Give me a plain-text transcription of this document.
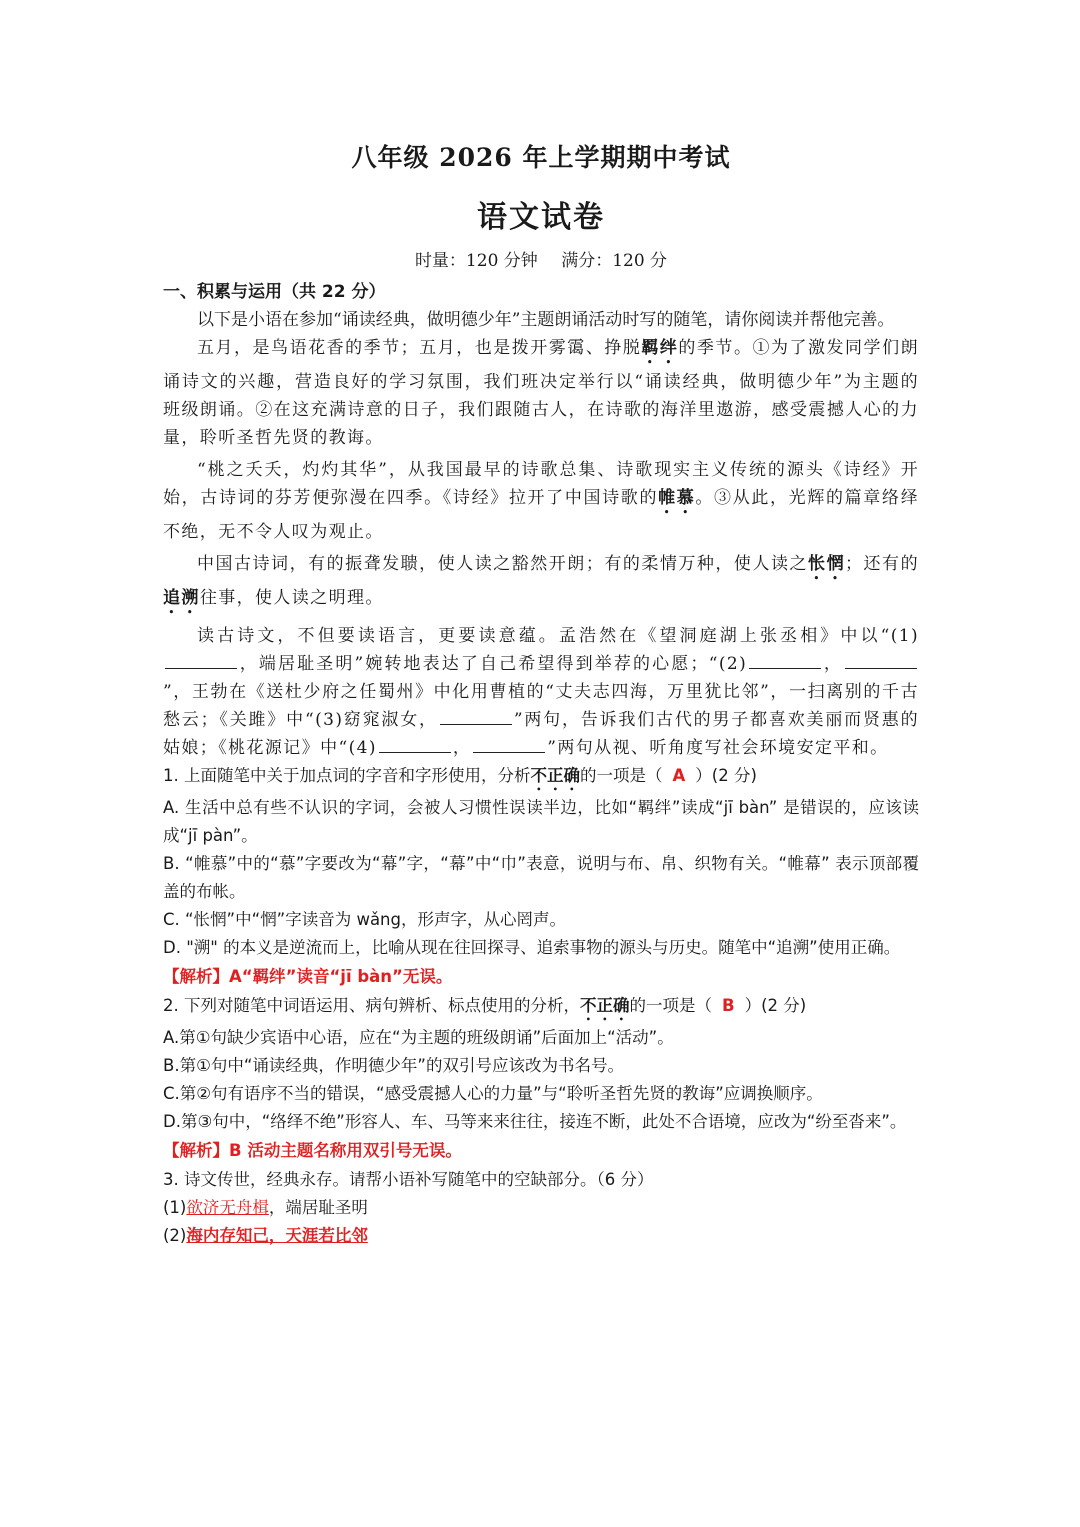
八年级 2026 年上学期期中考试
语文试卷
时量：120 分钟 满分：120 分
一、积累与运用（共 22 分）

以下是小语在参加“诵读经典，做明德少年”主题朗诵活动时写的随笔，请你阅读并帮他完善。

五月，是鸟语花香的季节；五月，也是拨开雾霭、挣脱羁绊的季节。①为了激发同学们朗诵诗文的兴趣，营造良好的学习氛围，我们班决定举行以“诵读经典，做明德少年”为主题的班级朗诵。②在这充满诗意的日子，我们跟随古人，在诗歌的海洋里遨游，感受震撼人心的力量，聆听圣哲先贤的教诲。

“桃之夭夭，灼灼其华”，从我国最早的诗歌总集、诗歌现实主义传统的源头《诗经》开始，古诗词的芬芳便弥漫在四季。《诗经》拉开了中国诗歌的帷慕。③从此，光辉的篇章络绎不绝，无不令人叹为观止。

中国古诗词，有的振聋发聩，使人读之豁然开朗；有的柔情万种，使人读之怅惘；还有的追溯往事，使人读之明理。

读古诗文，不但要读语言，更要读意蕴。孟浩然在《望洞庭湖上张丞相》中以“(1)，端居耻圣明”婉转地表达了自己希望得到举荐的心愿；“(2)	，”，王勃在《送杜少府之任蜀州》中化用曹植的“丈夫志四海，万里犹比邻”，一扫离别的千古愁云；《关雎》中“(3)窈窕淑女，	”两句，告诉我们古代的男子都喜欢美丽而贤惠的姑娘；《桃花源记》中“(4)	，	”两句从视、听角度写社会环境安定平和。

1. 上面随笔中关于加点词的字音和字形使用，分析不正确的一项是（ A ）(2 分)
A. 生活中总有些不认识的字词，会被人习惯性误读半边，比如“羁绊”读成“jī bàn” 是错误的，应该读成“jī pàn”。
B. “帷慕”中的“慕”字要改为“幕”字，“幕”中“巾”表意，说明与布、帛、织物有关。“帷幕” 表示顶部覆盖的布帐。
C. “怅惘”中“惘”字读音为 wǎng，形声字，从心罔声。
D. "溯" 的本义是逆流而上，比喻从现在往回探寻、追索事物的源头与历史。随笔中“追溯”使用正确。
【解析】A“羁绊”读音“jī bàn”无误。
2. 下列对随笔中词语运用、病句辨析、标点使用的分析，不正确的一项是（ B ）(2 分)
A.第①句缺少宾语中心语，应在“为主题的班级朗诵”后面加上“活动”。
B.第①句中“诵读经典，作明德少年”的双引号应该改为书名号。
C.第②句有语序不当的错误，“感受震撼人心的力量”与“聆听圣哲先贤的教诲”应调换顺序。
D.第③句中，“络绎不绝”形容人、车、马等来来往往，接连不断，此处不合语境，应改为“纷至沓来”。
【解析】B 活动主题名称用双引号无误。
3. 诗文传世，经典永存。请帮小语补写随笔中的空缺部分。（6 分）
(1)欲济无舟楫，端居耻圣明
(2)海内存知己，天涯若比邻
